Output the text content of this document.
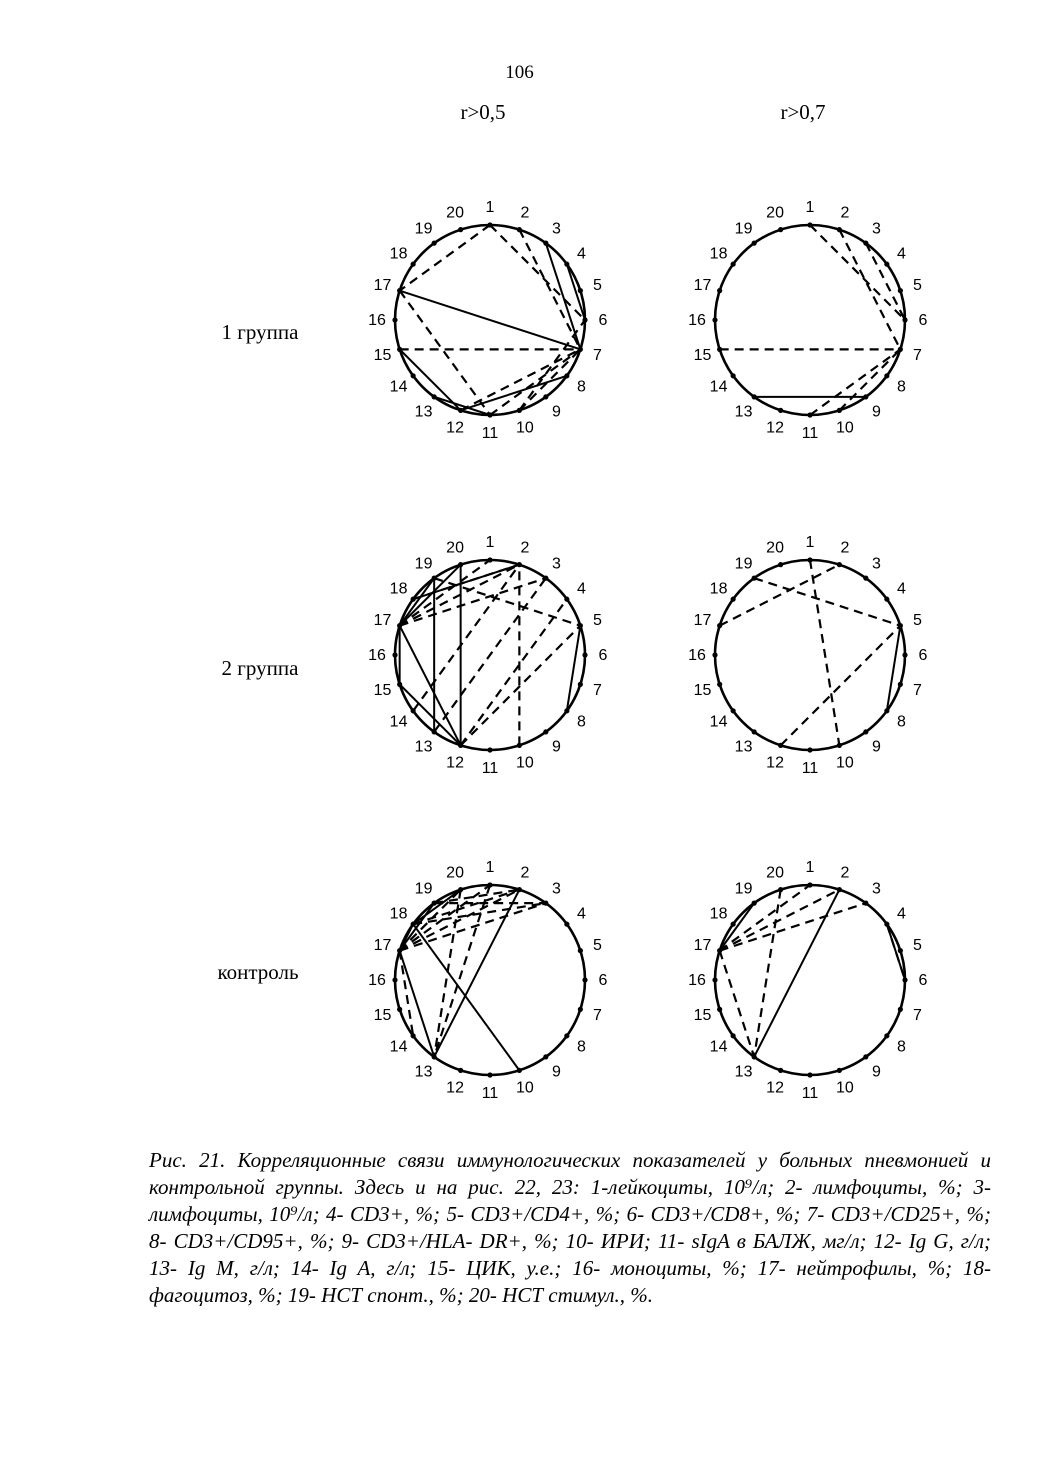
106
r>0,5	r>0,7
1 группа
2 группа
контроль
1 2
3
4
5
6
7
8
9
10
11
12
13
14
15
16
17
18
19
20	1 2
3
4
5
6
7
8
9
10
11
12
13
14
15
16
17
18
19
20
1 2
3
4
5
6
7
8
9
10
11
12
13
14
15
16
17
18
19
20	1 2
3
4
5
6
7
8
9
10
11
12
13
14
15
16
17
18
19
20
1 2
3
4
5
6
7
8
9
10
11
12
13
14
15
16
17
18
19
20	1 2
3
4
5
6
7
8
9
10
11
12
13
14
15
16
17
18
19
20

Рис. 21. Корреляционные связи иммунологических показателей у больных пневмонией и контрольной группы. Здесь и на рис. 22, 23: 1-лейкоциты, 10⁹/л; 2- лимфоциты, %; 3- лимфоциты, 10⁹/л; 4- CD3+, %; 5- CD3+/CD4+, %; 6- CD3+/CD8+, %; 7- CD3+/CD25+, %; 8- CD3+/CD95+, %; 9- CD3+/HLA- DR+, %; 10- ИРИ; 11- sIgA в БАЛЖ, мг/л; 12- Ig G, г/л; 13- Ig M, г/л; 14- Ig A, г/л; 15- ЦИК, у.е.; 16- моноциты, %; 17- нейтрофилы, %; 18- фагоцитоз, %; 19- НСТ спонт., %; 20- НСТ стимул., %.
